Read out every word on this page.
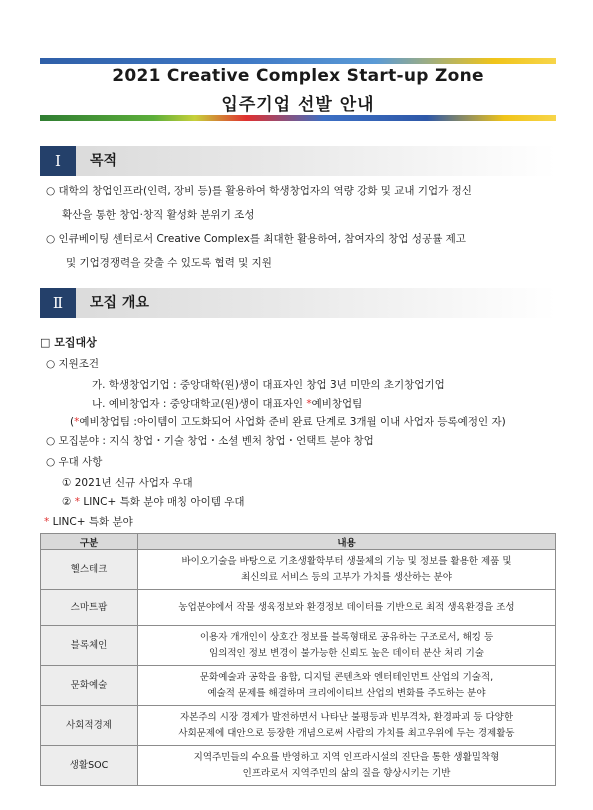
2021 Creative Complex Start-up Zone
입주기업 선발 안내
Ⅰ	목적
○ 대학의 창업인프라(인력, 장비 등)를 활용하여 학생창업자의 역량 강화 및 교내 기업가 정신
확산을 통한 창업·창직 활성화 분위기 조성
○ 인큐베이팅 센터로서 Creative Complex를 최대한 활용하여, 참여자의 창업 성공률 제고
및 기업경쟁력을 갖출 수 있도록 협력 및 지원
Ⅱ	모집 개요
□ 모집대상
○ 지원조건
가. 학생창업기업 : 중앙대학(원)생이 대표자인 창업 3년 미만의 초기창업기업
나. 예비창업자 : 중앙대학교(원)생이 대표자인 *예비창업팀
(*예비창업팀 :아이템이 고도화되어 사업화 준비 완료 단계로 3개월 이내 사업자 등록예정인 자)
○ 모집분야 : 지식 창업・기술 창업・소셜 벤처 창업・언택트 분야 창업
○ 우대 사항
① 2021년 신규 사업자 우대
② * LINC+ 특화 분야 매칭 아이템 우대
* LINC+ 특화 분야
구분	내용
헬스테크	바이오기술을 바탕으로 기초생활학부터 생물체의 기능 및 정보를 활용한 제품 및
최신의료 서비스 등의 고부가 가치를 생산하는 분야

스마트팜	농업분야에서 작물 생육정보와 환경정보 데이터를 기반으로 최적 생육환경을 조성

블록체인	이용자 개개인이 상호간 정보를 블록형태로 공유하는 구조로서, 해킹 등
임의적인 정보 변경이 불가능한 신뢰도 높은 데이터 분산 처리 기술

문화예술	문화예술과 공학을 융합, 디지털 콘텐츠와 엔터테인먼트 산업의 기술적,
예술적 문제를 해결하며 크리에이티브 산업의 변화를 주도하는 분야

사회적경제	자본주의 시장 경제가 발전하면서 나타난 불평등과 빈부격차, 환경파괴 등 다양한
사회문제에 대안으로 등장한 개념으로써 사람의 가치를 최고우위에 두는 경제활동

생활SOC	지역주민들의 수요를 반영하고 지역 인프라시설의 진단을 통한 생활밀착형
인프라로서 지역주민의 삶의 질을 향상시키는 기반
